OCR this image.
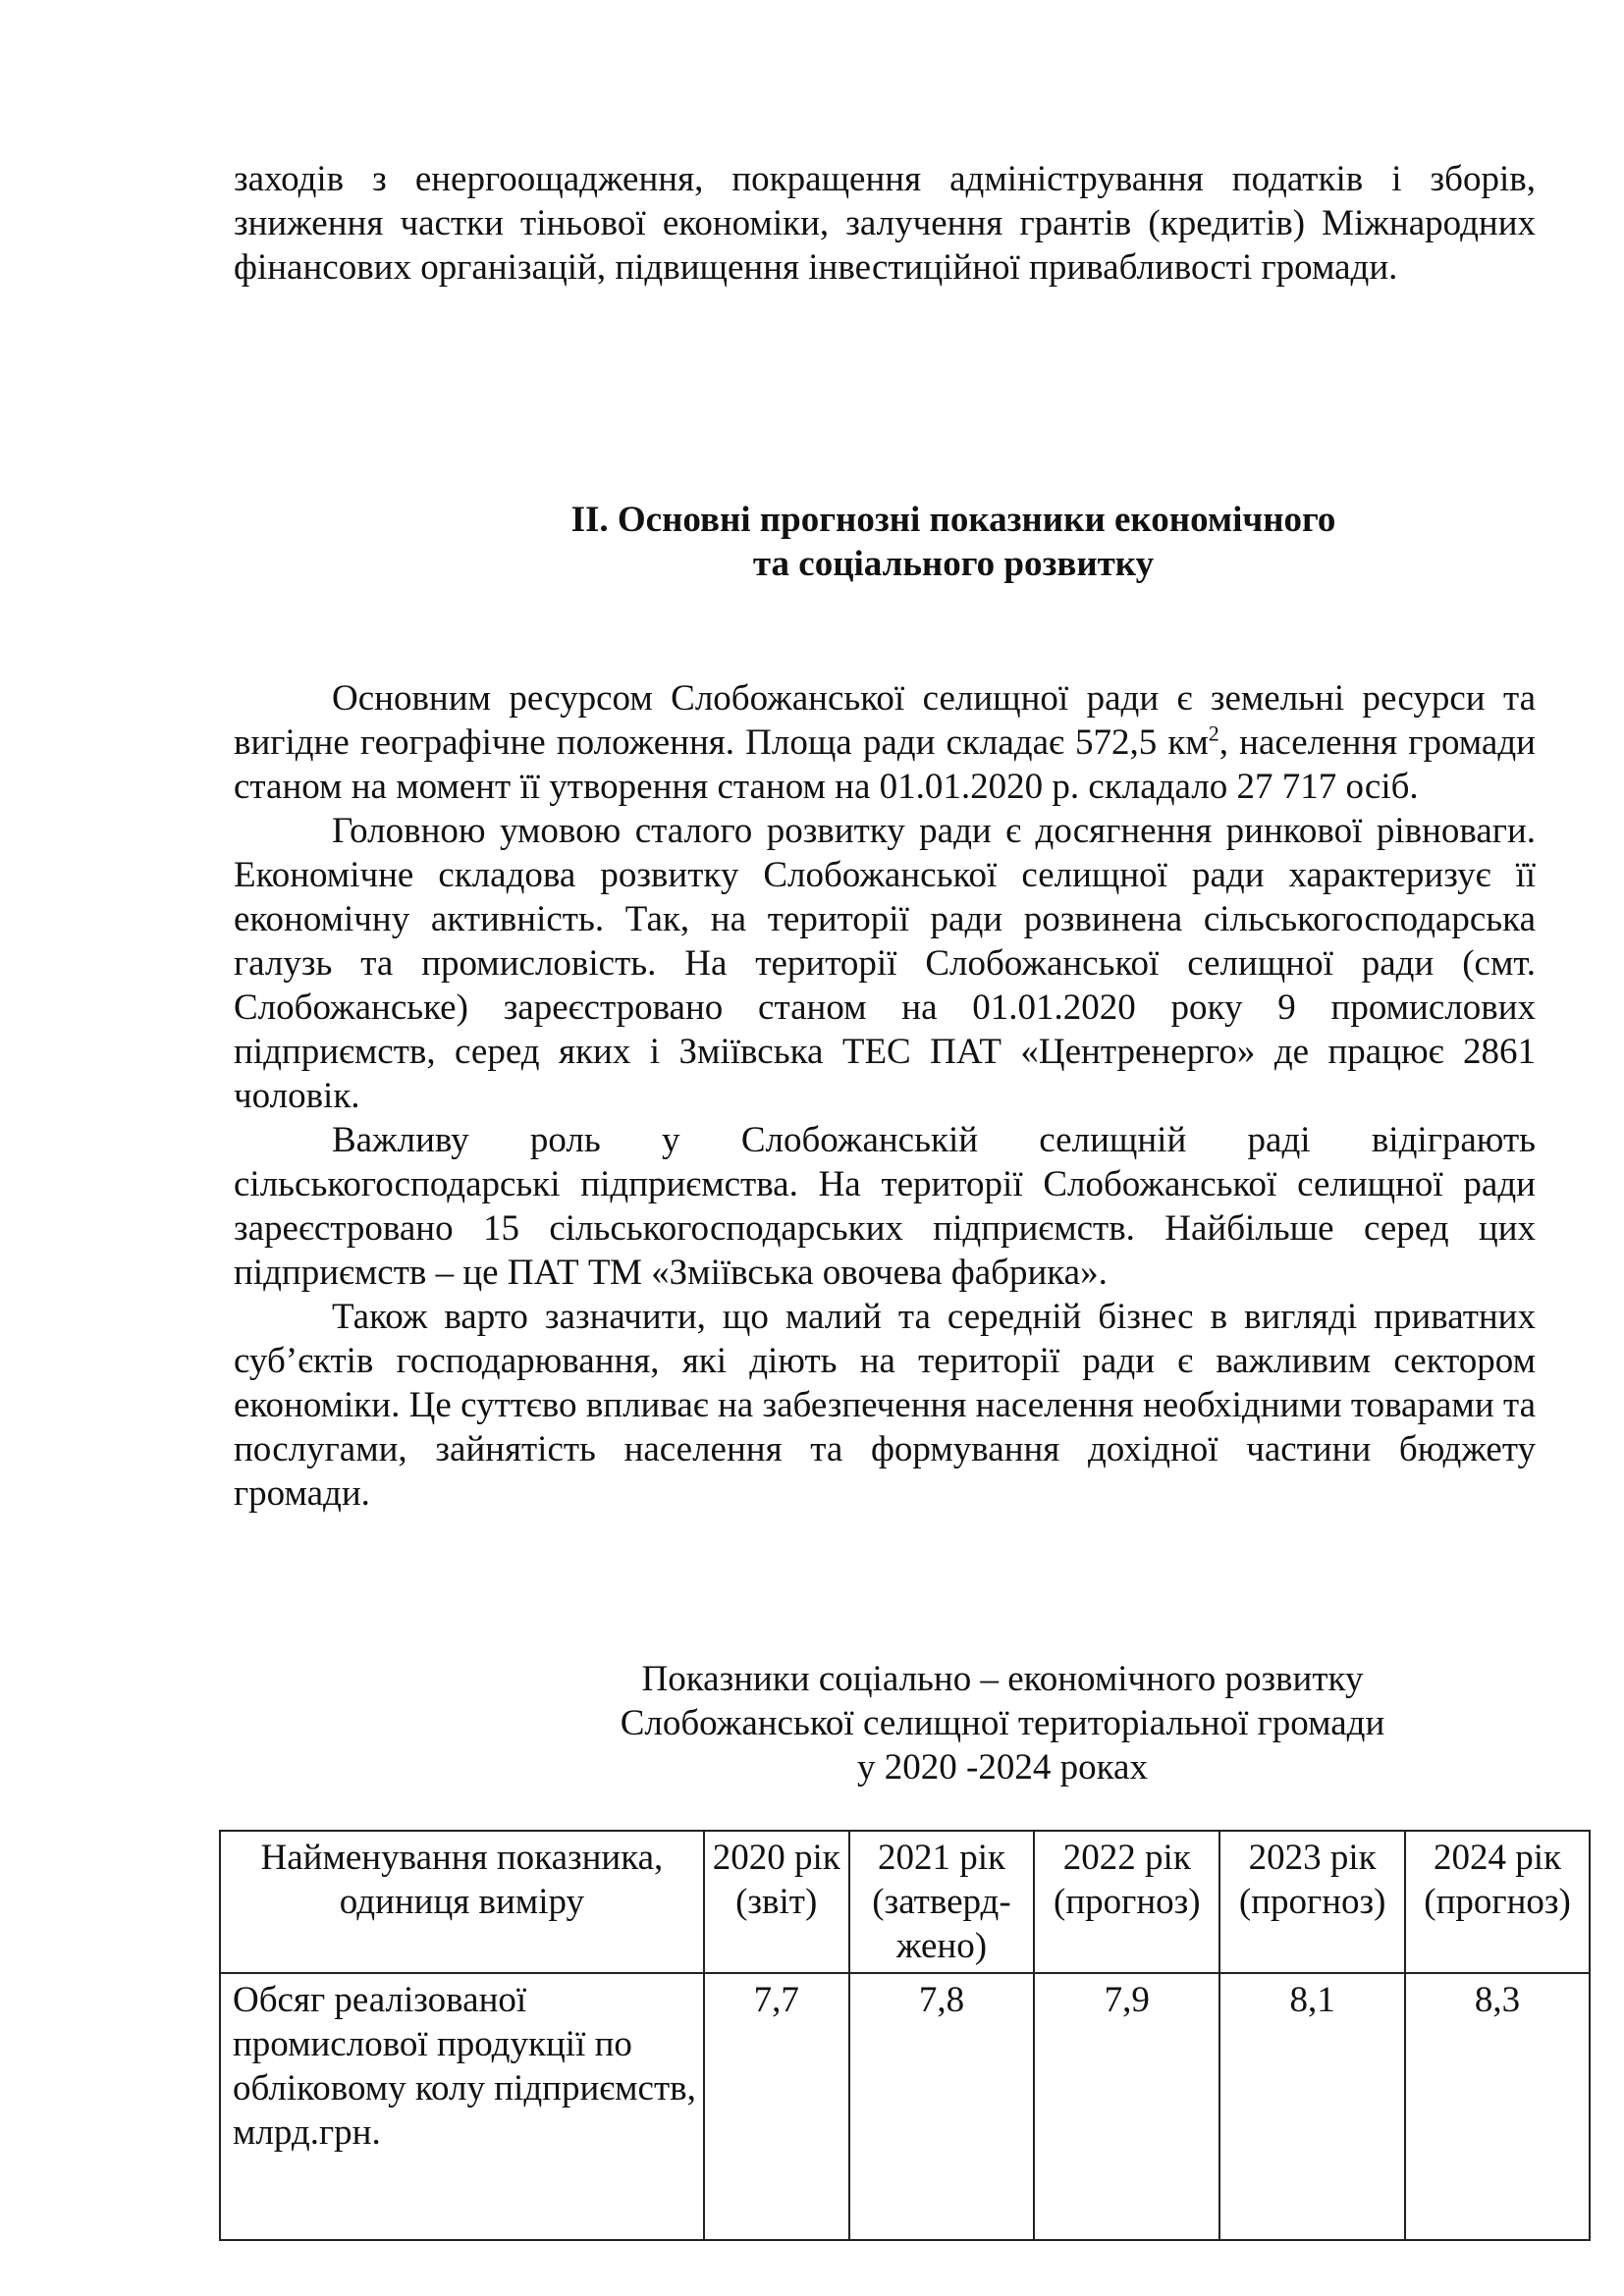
заходів з енергоощадження, покращення адміністрування податків і зборів, зниження частки тіньової економіки, залучення грантів (кредитів) Міжнародних фінансових організацій, підвищення інвестиційної привабливості громади.

ІІ. Основні прогнозні показники економічного
та соціального розвитку

Основним ресурсом Слобожанської селищної ради є земельні ресурси та вигідне географічне положення. Площа ради складає 572,5 $км^2$, населення громади станом на момент її утворення станом на 01.01.2020 р. складало 27 717 осіб.

Головною умовою сталого розвитку ради є досягнення ринкової рівноваги. Економічне складова розвитку Слобожанської селищної ради характеризує її економічну активність. Так, на території ради розвинена сільськогосподарська галузь та промисловість. На території Слобожанської селищної ради (смт. Слобожанське) зареєстровано станом на 01.01.2020 року 9 промислових підприємств, серед яких і Зміївська ТЕС ПАТ «Центренерго» де працює 2861 чоловік.

Важливу роль у Слобожанській селищній раді відіграють сільськогосподарські підприємства. На території Слобожанської селищної ради зареєстровано 15 сільськогосподарських підприємств. Найбільше серед цих підприємств – це ПАТ ТМ «Зміївська овочева фабрика».

Також варто зазначити, що малий та середній бізнес в вигляді приватних суб’єктів господарювання, які діють на території ради є важливим сектором економіки. Це суттєво впливає на забезпечення населення необхідними товарами та послугами, зайнятість населення та формування дохідної частини бюджету громади.

Показники соціально – економічного розвитку
Слобожанської селищної територіальної громади
у 2020 -2024 роках
Найменування показника, одиниця виміру	2020 рік (звіт)	2021 рік (затверд-жено)	2022 рік (прогноз)	2023 рік (прогноз)	2024 рік (прогноз)
Обсяг реалізованої промислової продукції по обліковому колу підприємств, млрд.грн.	7,7	7,8	7,9	8,1	8,3
